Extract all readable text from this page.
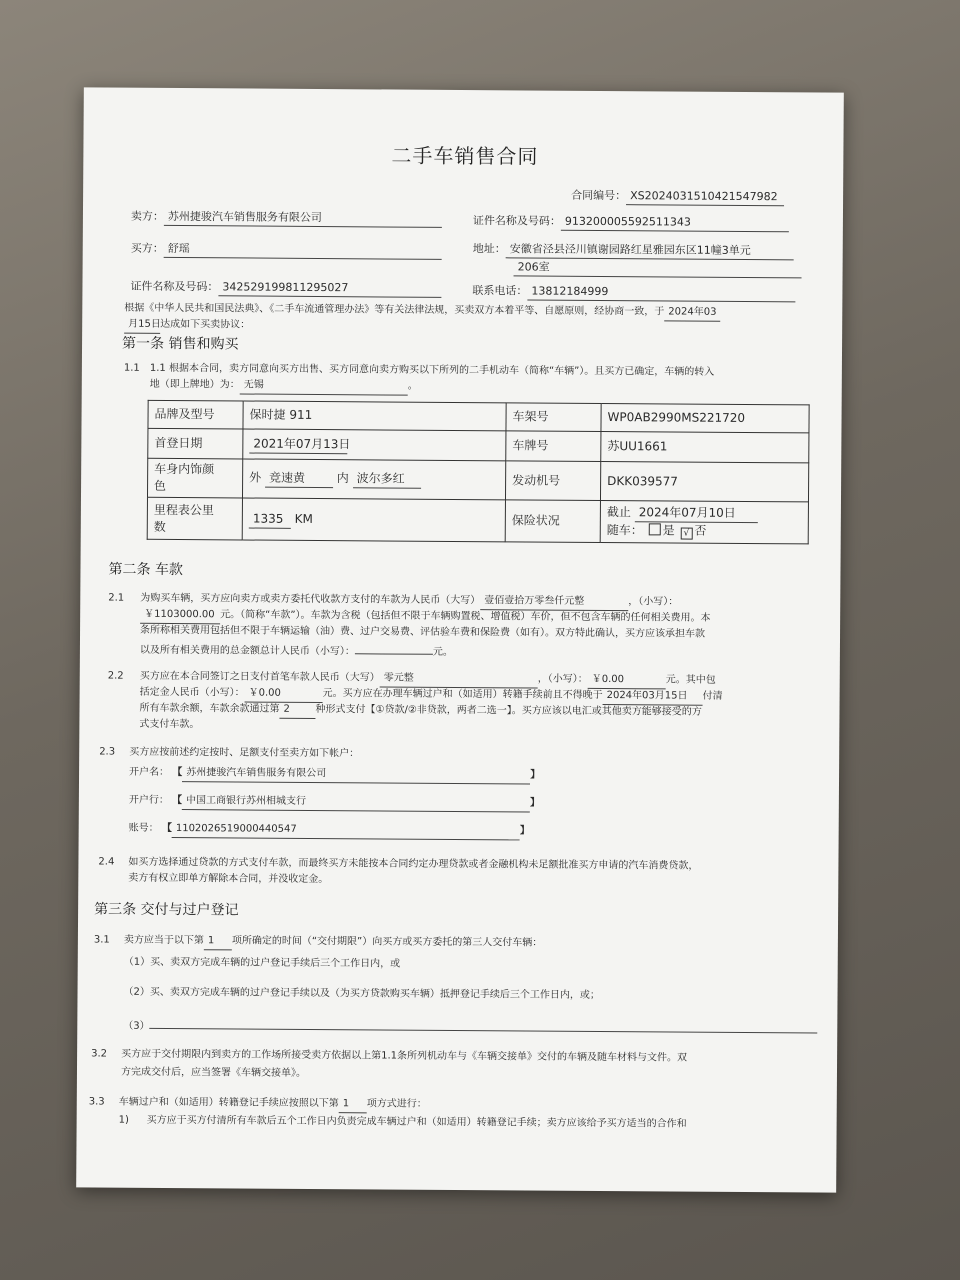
二手车销售合同
合同编号： XS20240315104215479​82
卖方： 苏州捷骏汽车销售服务有限公司	证件名称及号码： 913200005592511343
买方： 舒瑶	地址： 安徽省泾县泾川镇谢园路红星雅园东区11幢3单元
206室
证件名称及号码： 342529199811295027	联系电话： 13812184999
根据《中华人民共和国民法典》、《二手车流通管理办法》等有关法律法规，买卖双方本着平等、自愿原则，经协商一致，于 2024年03
月15日达成如下买卖协议：
第一条 销售和购买
1.1 1.1 根据本合同，卖方同意向买方出售、买方同意向卖方购买以下所列的二手机动车（简称“车辆”）。且买方已确定，车辆的转入
地（即上牌地）为： 无锡	。
品牌及型号	保时捷 911	车架号	WP0AB2990MS221720
首登日期	2021年07月13日	车牌号	苏UU1661
车身内饰颜
色	外 竞速黄 内 波尔多红	发动机号	DKK039577
里程表公里
数	1335 KM	保险状况	截止 2024年07月10日
随车： 是 √ 否
第二条 车款
2.1 为购买车辆，买方应向卖方或卖方委托代收款方支付的车款为人民币（大写） 壹佰壹拾万零叁仟元整	，（小写）：
￥1103000.00 元。（简称“车款”）。车款为含税（包括但不限于车辆购置税、增值税）车价，但不包含车辆的任何相关费用。本
条所称相关费用包括但不限于车辆运输（油）费、过户交易费、评估验车费和保险费（如有）。双方特此确认，买方应该承担车款
以及所有相关费用的总金额总计人民币（小写）：	元。
2.2 买方应在本合同签订之日支付首笔车款人民币（大写） 零元整	，（小写）： ￥0.00	元。其中包
括定金人民币（小写）： ￥0.00	元。买方应在办理车辆过户和（如适用）转籍手续前且不得晚于 2024年03月15日 付清
所有车款余额，车款余款通过第 2	种形式支付【①贷款/②非贷款，两者二选一】。买方应该以电汇或其他卖方能够接受的方
式支付车款。
2.3 买方应按前述约定按时、足额支付至卖方如下帐户：
开户名： 【 苏州捷骏汽车销售服务有限公司	】
开户行： 【 中国工商银行苏州相城支行	】
账号： 【 1102026519000440547	】
2.4 如买方选择通过贷款的方式支付车款，而最终买方未能按本合同约定办理贷款或者金融机构未足额批准买方申请的汽车消费贷款，
卖方有权立即单方解除本合同，并没收定金。
第三条 交付与过户登记
3.1 卖方应当于以下第 1 项所确定的时间（“交付期限”）向买方或买方委托的第三人交付车辆：
（1）买、卖双方完成车辆的过户登记手续后三个工作日内，或
（2）买、卖双方完成车辆的过户登记手续以及（为买方贷款购买车辆）抵押登记手续后三个工作日内，或；
（3）
3.2 买方应于交付期限内到卖方的工作场所接受卖方依据以上第1.1条所列机动车与《车辆交接单》交付的车辆及随车材料与文件。双
方完成交付后，应当签署《车辆交接单》。
3.3 车辆过户和（如适用）转籍登记手续应按照以下第 1 项方式进行：
1) 买方应于买方付清所有车款后五个工作日内负责完成车辆过户和（如适用）转籍登记手续；卖方应该给予买方适当的合作和
